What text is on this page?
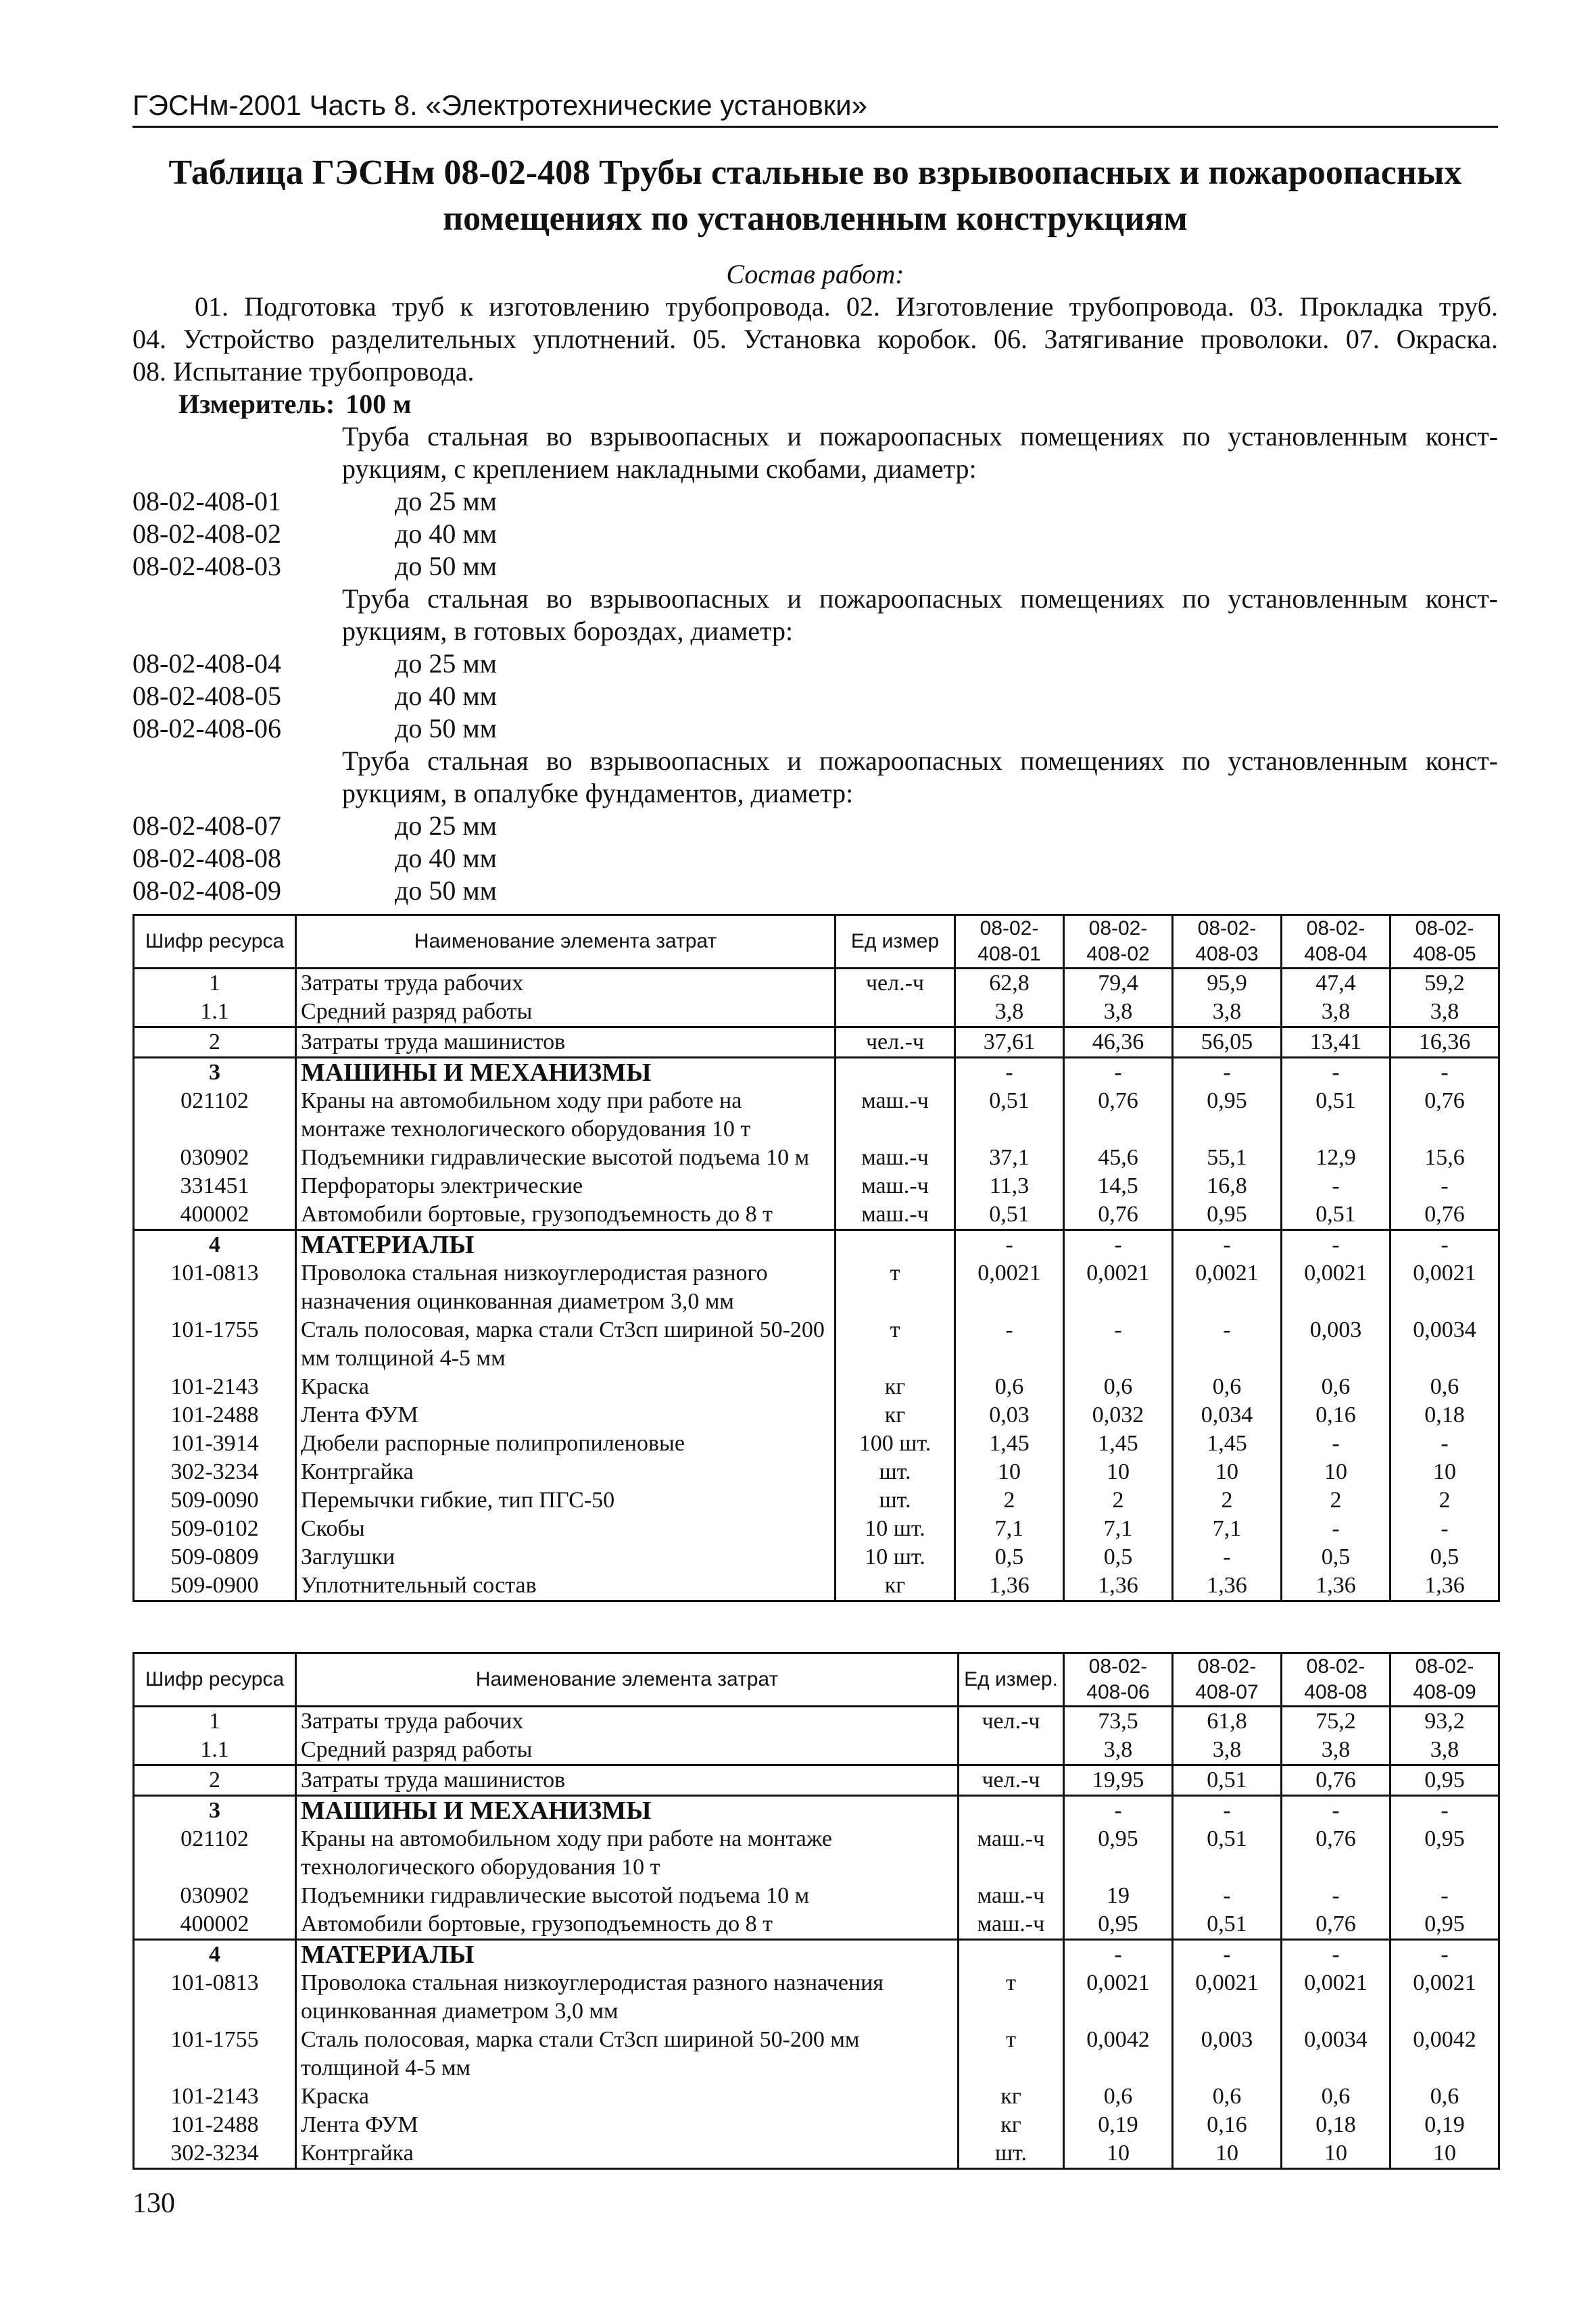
ГЭСНм-2001 Часть 8. «Электротехнические установки»
Таблица ГЭСНм 08-02-408 Трубы стальные во взрывоопасных и пожароопасных помещениях по установленным конструкциям
Состав работ:
01. Подготовка труб к изготовлению трубопровода. 02. Изготовление трубопровода. 03. Прокладка труб.
04. Устройство разделительных уплотнений. 05. Установка коробок. 06. Затягивание проволоки. 07. Окраска.
08. Испытание трубопровода.
Измеритель: 100 м
Труба стальная во взрывоопасных и пожароопасных помещениях по установленным конст-
рукциям, с креплением накладными скобами, диаметр:
08-02-408-01	до 25 мм
08-02-408-02	до 40 мм
08-02-408-03	до 50 мм
Труба стальная во взрывоопасных и пожароопасных помещениях по установленным конст-
рукциям, в готовых бороздах, диаметр:
08-02-408-04	до 25 мм
08-02-408-05	до 40 мм
08-02-408-06	до 50 мм
Труба стальная во взрывоопасных и пожароопасных помещениях по установленным конст-
рукциям, в опалубке фундаментов, диаметр:
08-02-408-07	до 25 мм
08-02-408-08	до 40 мм
08-02-408-09	до 50 мм
Шифр ресурса	Наименование элемента затрат	Ед измер	08-02-408-01	08-02-408-02	08-02-408-03	08-02-408-04	08-02-408-05
1	Затраты труда рабочих	чел.-ч	62,8	79,4	95,9	47,4	59,2
1.1	Средний разряд работы		3,8	3,8	3,8	3,8	3,8
2	Затраты труда машинистов	чел.-ч	37,61	46,36	56,05	13,41	16,36
3	МАШИНЫ И МЕХАНИЗМЫ		-	-	-	-	-
021102	Краны на автомобильном ходу при работе на монтаже технологического оборудования 10 т	маш.-ч	0,51	0,76	0,95	0,51	0,76
030902	Подъемники гидравлические высотой подъема 10 м	маш.-ч	37,1	45,6	55,1	12,9	15,6
331451	Перфораторы электрические	маш.-ч	11,3	14,5	16,8	-	-
400002	Автомобили бортовые, грузоподъемность до 8 т	маш.-ч	0,51	0,76	0,95	0,51	0,76
4	МАТЕРИАЛЫ		-	-	-	-	-
101-0813	Проволока стальная низкоуглеродистая разного назначения оцинкованная диаметром 3,0 мм	т	0,0021	0,0021	0,0021	0,0021	0,0021
101-1755	Сталь полосовая, марка стали Ст3сп шириной 50-200 мм толщиной 4-5 мм	т	-	-	-	0,003	0,0034
101-2143	Краска	кг	0,6	0,6	0,6	0,6	0,6
101-2488	Лента ФУМ	кг	0,03	0,032	0,034	0,16	0,18
101-3914	Дюбели распорные полипропиленовые	100 шт.	1,45	1,45	1,45	-	-
302-3234	Контргайка	шт.	10	10	10	10	10
509-0090	Перемычки гибкие, тип ПГС-50	шт.	2	2	2	2	2
509-0102	Скобы	10 шт.	7,1	7,1	7,1	-	-
509-0809	Заглушки	10 шт.	0,5	0,5	-	0,5	0,5
509-0900	Уплотнительный состав	кг	1,36	1,36	1,36	1,36	1,36
Шифр ресурса	Наименование элемента затрат	Ед измер.	08-02-408-06	08-02-408-07	08-02-408-08	08-02-408-09
1	Затраты труда рабочих	чел.-ч	73,5	61,8	75,2	93,2
1.1	Средний разряд работы		3,8	3,8	3,8	3,8
2	Затраты труда машинистов	чел.-ч	19,95	0,51	0,76	0,95
3	МАШИНЫ И МЕХАНИЗМЫ		-	-	-	-
021102	Краны на автомобильном ходу при работе на монтаже технологического оборудования 10 т	маш.-ч	0,95	0,51	0,76	0,95
030902	Подъемники гидравлические высотой подъема 10 м	маш.-ч	19	-	-	-
400002	Автомобили бортовые, грузоподъемность до 8 т	маш.-ч	0,95	0,51	0,76	0,95
4	МАТЕРИАЛЫ		-	-	-	-
101-0813	Проволока стальная низкоуглеродистая разного назначения оцинкованная диаметром 3,0 мм	т	0,0021	0,0021	0,0021	0,0021
101-1755	Сталь полосовая, марка стали Ст3сп шириной 50-200 мм толщиной 4-5 мм	т	0,0042	0,003	0,0034	0,0042
101-2143	Краска	кг	0,6	0,6	0,6	0,6
101-2488	Лента ФУМ	кг	0,19	0,16	0,18	0,19
302-3234	Контргайка	шт.	10	10	10	10
130
